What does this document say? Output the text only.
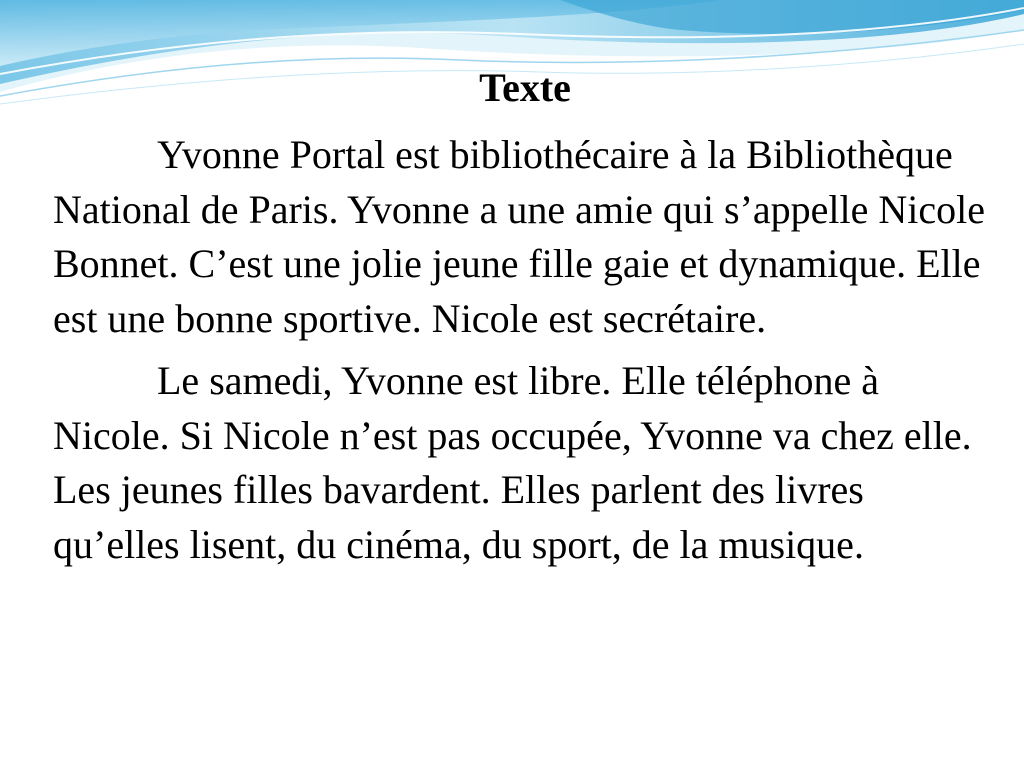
Texte

Yvonne Portal est bibliothécaire à la Bibliothèque National de Paris. Yvonne a une amie qui s’appelle Nicole Bonnet. C’est une jolie jeune fille gaie et dynamique. Elle est une bonne sportive. Nicole est secrétaire.

Le samedi, Yvonne est libre. Elle téléphone à Nicole. Si Nicole n’est pas occupée, Yvonne va chez elle. Les jeunes filles bavardent. Elles parlent des livres qu’elles lisent, du cinéma, du sport, de la musique.
